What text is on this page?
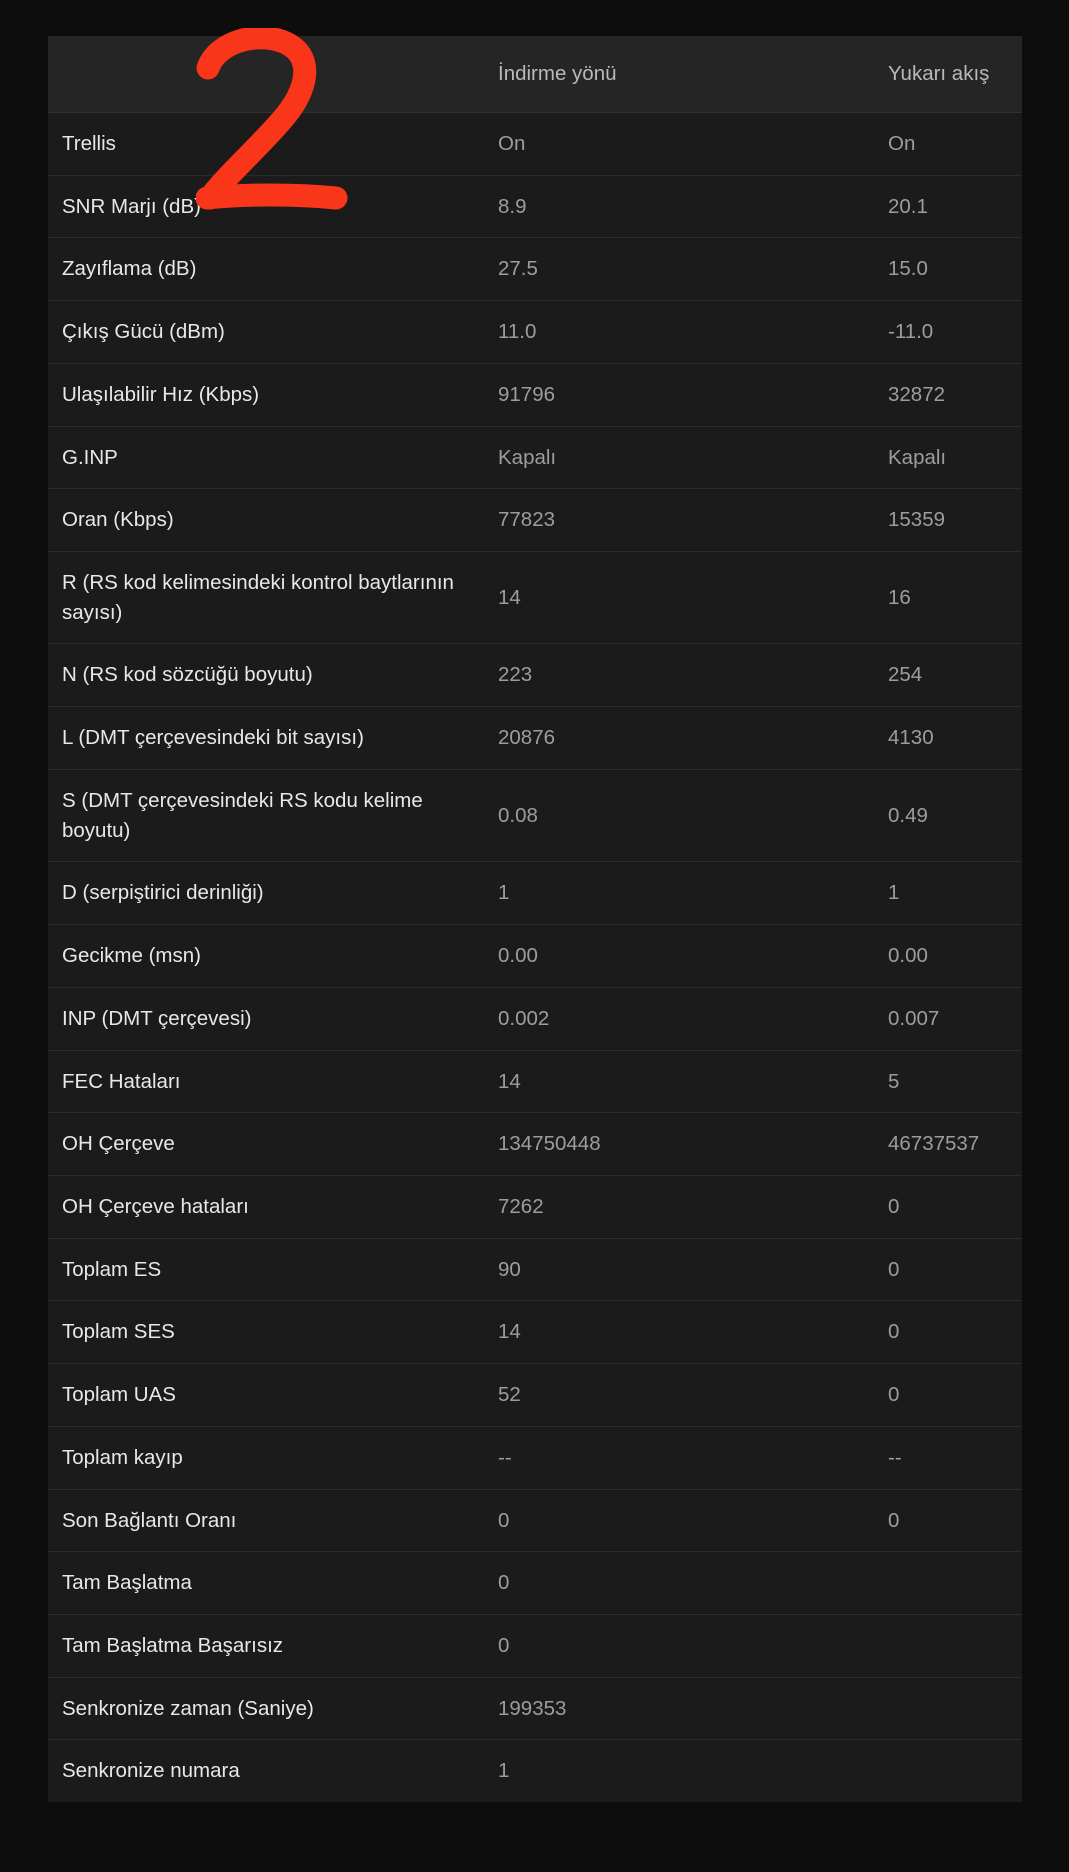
	İndirme yönü	Yukarı akış
Trellis	On	On
SNR Marjı (dB)	8.9	20.1
Zayıflama (dB)	27.5	15.0
Çıkış Gücü (dBm)	11.0	-11.0
Ulaşılabilir Hız (Kbps)	91796	32872
G.INP	Kapalı	Kapalı
Oran (Kbps)	77823	15359
R (RS kod kelimesindeki kontrol baytlarının sayısı)	14	16
N (RS kod sözcüğü boyutu)	223	254
L (DMT çerçevesindeki bit sayısı)	20876	4130
S (DMT çerçevesindeki RS kodu kelime boyutu)	0.08	0.49
D (serpiştirici derinliği)	1	1
Gecikme (msn)	0.00	0.00
INP (DMT çerçevesi)	0.002	0.007
FEC Hataları	14	5
OH Çerçeve	134750448	46737537
OH Çerçeve hataları	7262	0
Toplam ES	90	0
Toplam SES	14	0
Toplam UAS	52	0
Toplam kayıp	--	--
Son Bağlantı Oranı	0	0
Tam Başlatma	0	
Tam Başlatma Başarısız	0	
Senkronize zaman (Saniye)	199353	
Senkronize numara	1	
